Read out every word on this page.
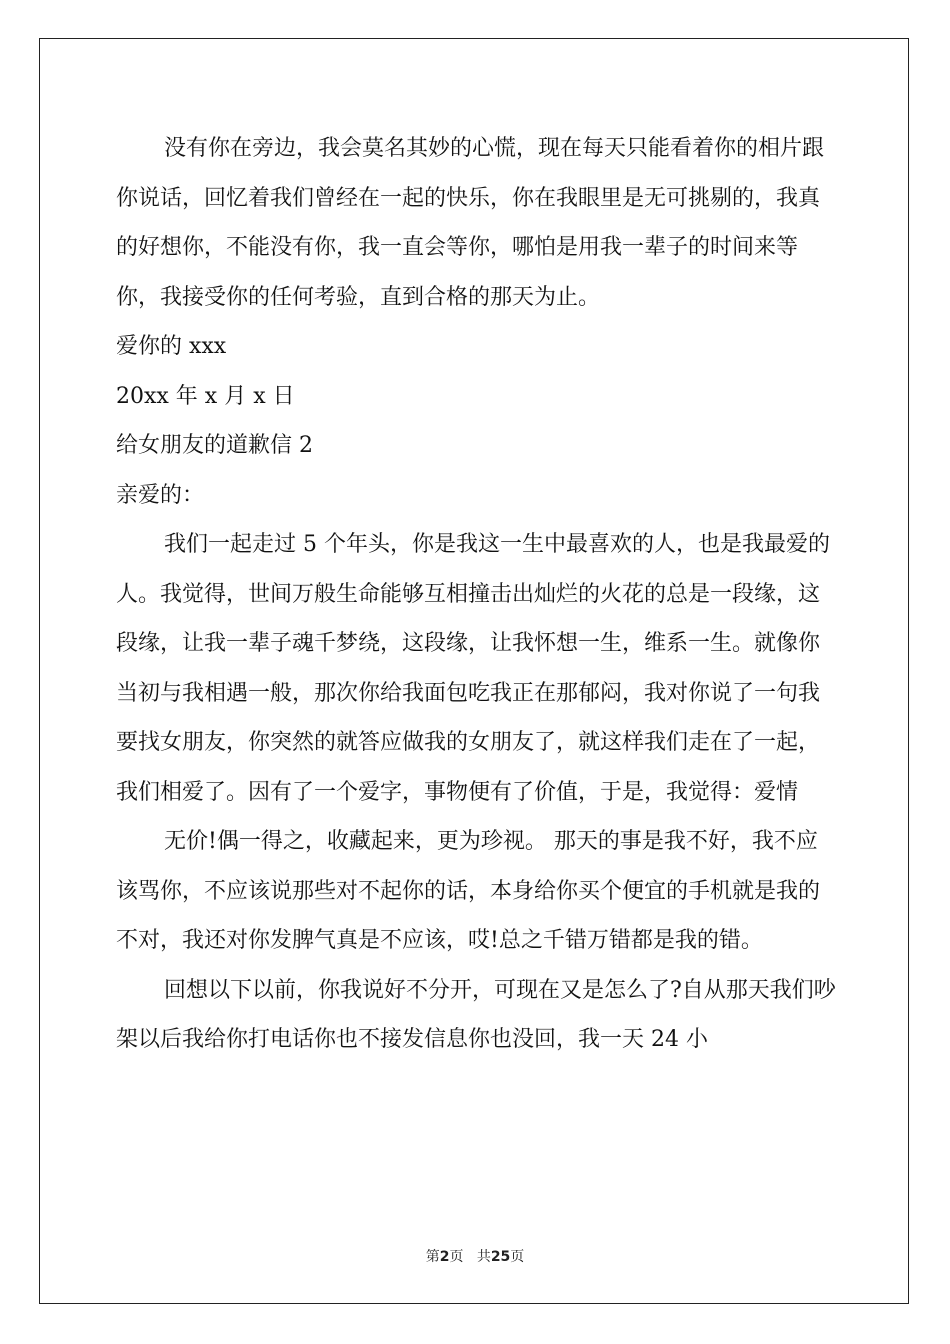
没有你在旁边，我会莫名其妙的心慌，现在每天只能看着你的相片跟你说话，回忆着我们曾经在一起的快乐，你在我眼里是无可挑剔的，我真的好想你，不能没有你，我一直会等你，哪怕是用我一辈子的时间来等你，我接受你的任何考验，直到合格的那天为止。

爱你的 xxx

20xx 年 x 月 x 日

给女朋友的道歉信 2

亲爱的：

我们一起走过 5 个年头，你是我这一生中最喜欢的人，也是我最爱的人。我觉得，世间万般生命能够互相撞击出灿烂的火花的总是一段缘，这段缘，让我一辈子魂千梦绕，这段缘，让我怀想一生，维系一生。就像你当初与我相遇一般，那次你给我面包吃我正在那郁闷，我对你说了一句我要找女朋友，你突然的就答应做我的女朋友了，就这样我们走在了一起，我们相爱了。因有了一个爱字，事物便有了价值，于是，我觉得：爱情

无价!偶一得之，收藏起来，更为珍视。 那天的事是我不好，我不应该骂你，不应该说那些对不起你的话，本身给你买个便宜的手机就是我的不对，我还对你发脾气真是不应该，哎!总之千错万错都是我的错。

回想以下以前，你我说好不分开，可现在又是怎么了?自从那天我们吵架以后我给你打电话你也不接发信息你也没回，我一天 24 小

第2页 共25页
